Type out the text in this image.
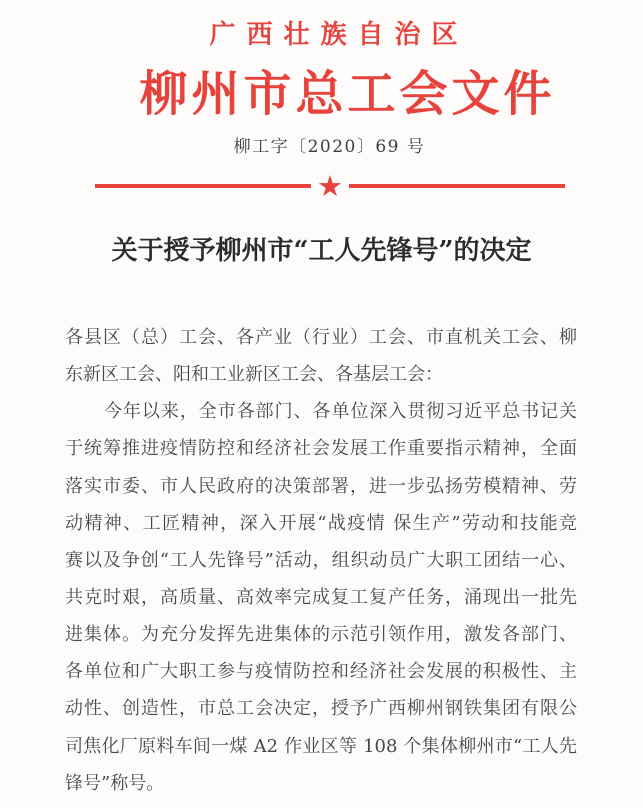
广西壮族自治区
柳州市总工会文件
柳工字〔2020〕69 号
★
关于授予柳州市“工人先锋号”的决定
各县区（总）工会、各产业（行业）工会、市直机关工会、柳
东新区工会、阳和工业新区工会、各基层工会：
今年以来，全市各部门、各单位深入贯彻习近平总书记关
于统筹推进疫情防控和经济社会发展工作重要指示精神，全面
落实市委、市人民政府的决策部署，进一步弘扬劳模精神、劳
动精神、工匠精神，深入开展“战疫情 保生产”劳动和技能竞
赛以及争创“工人先锋号”活动，组织动员广大职工团结一心、
共克时艰，高质量、高效率完成复工复产任务，涌现出一批先
进集体。为充分发挥先进集体的示范引领作用，激发各部门、
各单位和广大职工参与疫情防控和经济社会发展的积极性、主
动性、创造性，市总工会决定，授予广西柳州钢铁集团有限公
司焦化厂原料车间一煤 A2 作业区等 108 个集体柳州市“工人先
锋号”称号。
